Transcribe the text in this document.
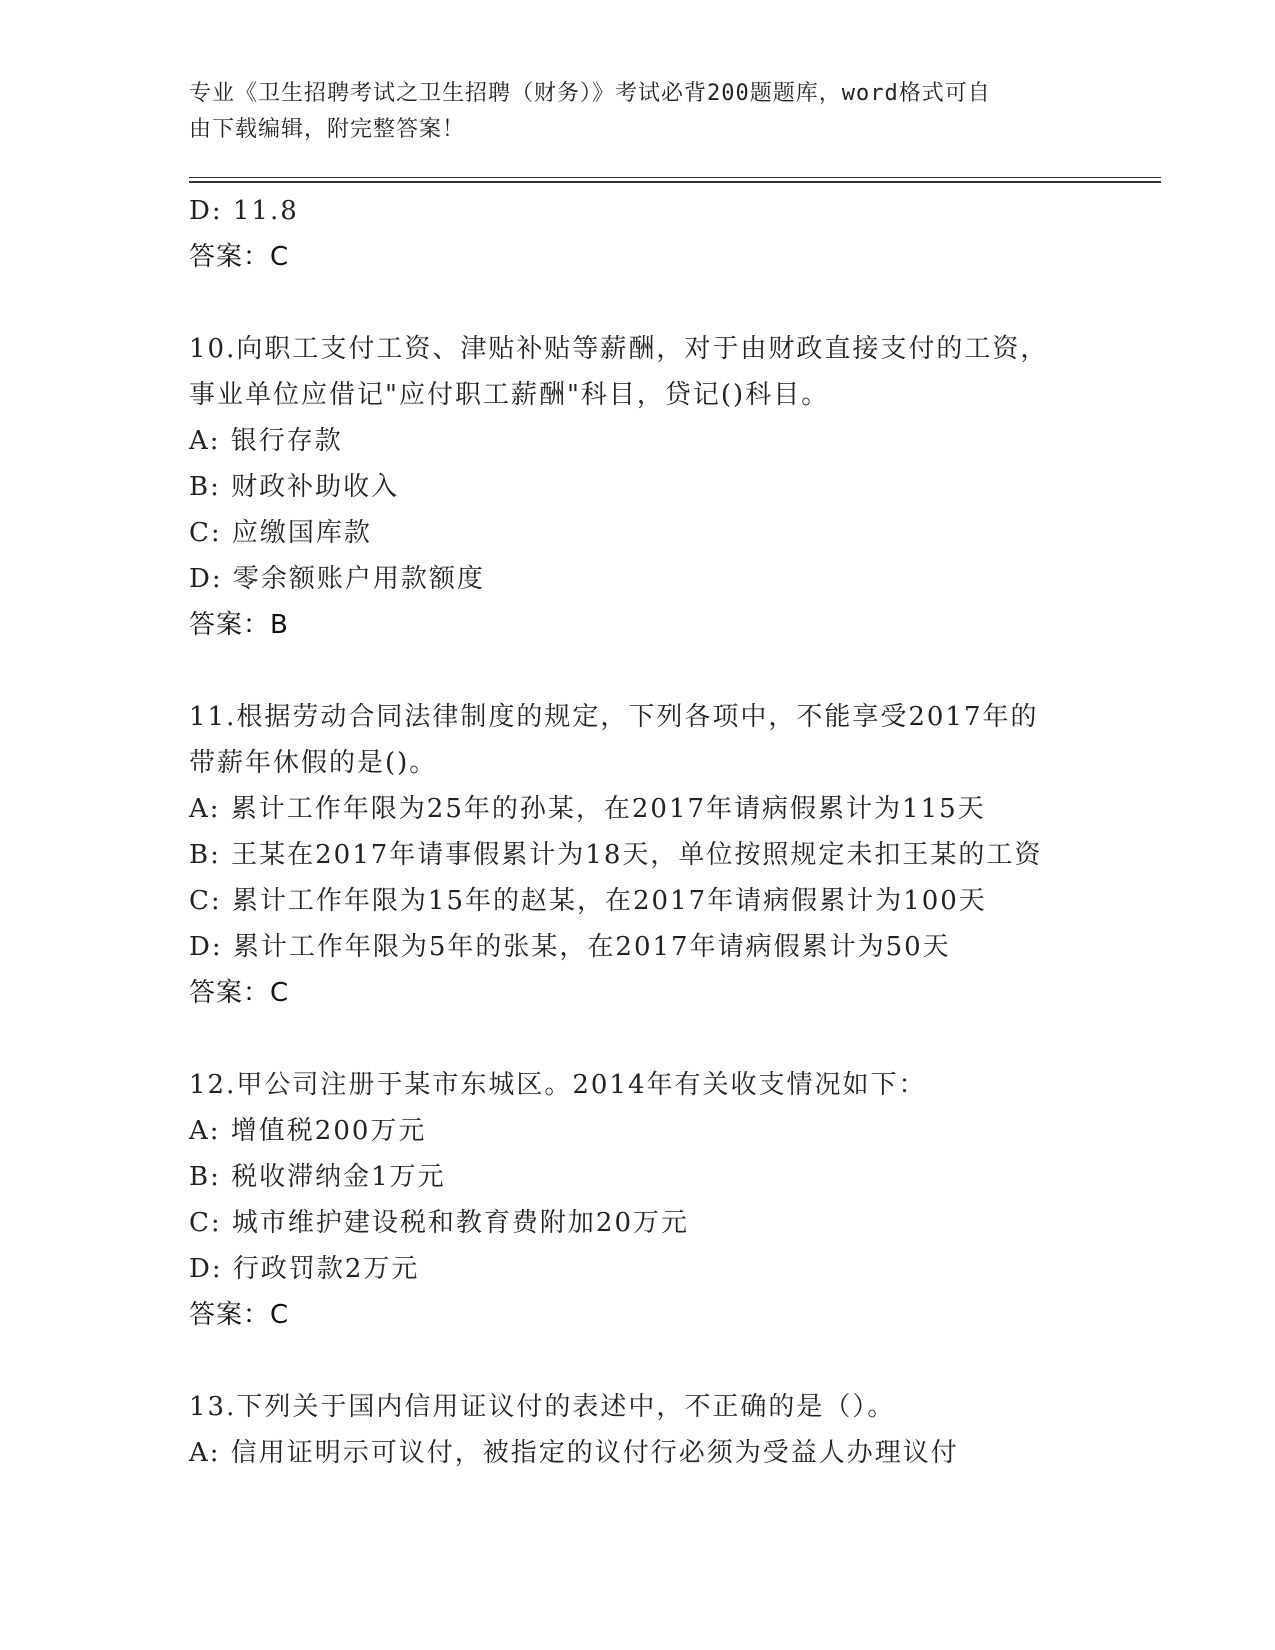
专业《卫生招聘考试之卫生招聘（财务）》考试必背200题题库，word格式可自
由下载编辑，附完整答案！
D: 11.8
答案：C
10.向职工支付工资、津贴补贴等薪酬，对于由财政直接支付的工资，
事业单位应借记"应付职工薪酬"科目，贷记()科目。
A: 银行存款
B: 财政补助收入
C: 应缴国库款
D: 零余额账户用款额度
答案：B
11.根据劳动合同法律制度的规定，下列各项中，不能享受2017年的
带薪年休假的是()。
A: 累计工作年限为25年的孙某，在2017年请病假累计为115天
B: 王某在2017年请事假累计为18天，单位按照规定未扣王某的工资
C: 累计工作年限为15年的赵某，在2017年请病假累计为100天
D: 累计工作年限为5年的张某，在2017年请病假累计为50天
答案：C
12.甲公司注册于某市东城区。2014年有关收支情况如下：
A: 增值税200万元
B: 税收滞纳金1万元
C: 城市维护建设税和教育费附加20万元
D: 行政罚款2万元
答案：C
13.下列关于国内信用证议付的表述中，不正确的是（）。
A: 信用证明示可议付，被指定的议付行必须为受益人办理议付
